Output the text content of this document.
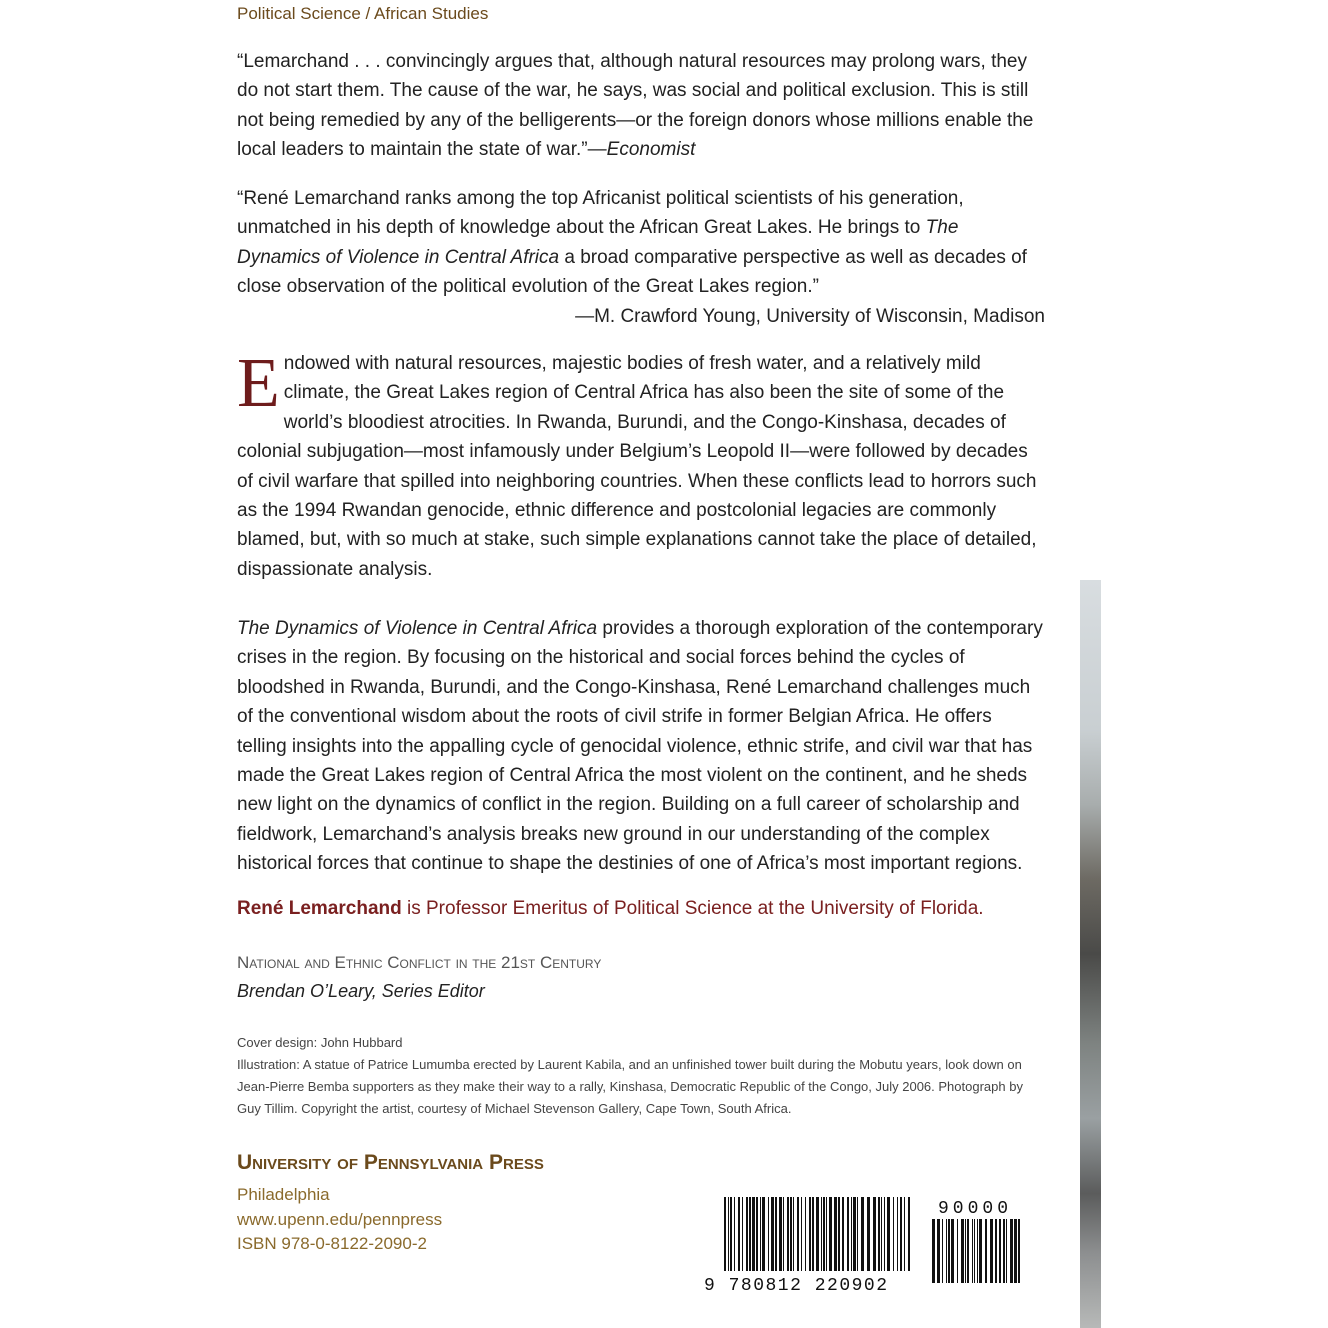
Political Science / African Studies
“Lemarchand . . . convincingly argues that, although natural resources may prolong wars, they do not start them. The cause of the war, he says, was social and political exclusion. This is still not being remedied by any of the belligerents—or the foreign donors whose millions enable the local leaders to maintain the state of war.”—Economist
“René Lemarchand ranks among the top Africanist political scientists of his generation, unmatched in his depth of knowledge about the African Great Lakes. He brings to The Dynamics of Violence in Central Africa a broad comparative perspective as well as decades of close observation of the political evolution of the Great Lakes region.”
—M. Crawford Young, University of Wisconsin, Madison
Endowed with natural resources, majestic bodies of fresh water, and a relatively mild climate, the Great Lakes region of Central Africa has also been the site of some of the world’s bloodiest atrocities. In Rwanda, Burundi, and the Congo-Kinshasa, decades of colonial subjugation—most infamously under Belgium’s Leopold II—were followed by decades of civil warfare that spilled into neighboring countries. When these conflicts lead to horrors such as the 1994 Rwandan genocide, ethnic difference and postcolonial legacies are commonly blamed, but, with so much at stake, such simple explanations cannot take the place of detailed, dispassionate analysis.
The Dynamics of Violence in Central Africa provides a thorough exploration of the contemporary crises in the region. By focusing on the historical and social forces behind the cycles of bloodshed in Rwanda, Burundi, and the Congo-Kinshasa, René Lemarchand challenges much of the conventional wisdom about the roots of civil strife in former Belgian Africa. He offers telling insights into the appalling cycle of genocidal violence, ethnic strife, and civil war that has made the Great Lakes region of Central Africa the most violent on the continent, and he sheds new light on the dynamics of conflict in the region. Building on a full career of scholarship and fieldwork, Lemarchand’s analysis breaks new ground in our understanding of the complex historical forces that continue to shape the destinies of one of Africa’s most important regions.
René Lemarchand is Professor Emeritus of Political Science at the University of Florida.
National and Ethnic Conflict in the 21st Century
Brendan O’Leary, Series Editor
Cover design: John Hubbard
Illustration: A statue of Patrice Lumumba erected by Laurent Kabila, and an unfinished tower built during the Mobutu years, look down on Jean-Pierre Bemba supporters as they make their way to a rally, Kinshasa, Democratic Republic of the Congo, July 2006. Photograph by Guy Tillim. Copyright the artist, courtesy of Michael Stevenson Gallery, Cape Town, South Africa.
University of Pennsylvania Press
Philadelphia
www.upenn.edu/pennpress
ISBN 978-0-8122-2090-2
9 780812 220902
90000
